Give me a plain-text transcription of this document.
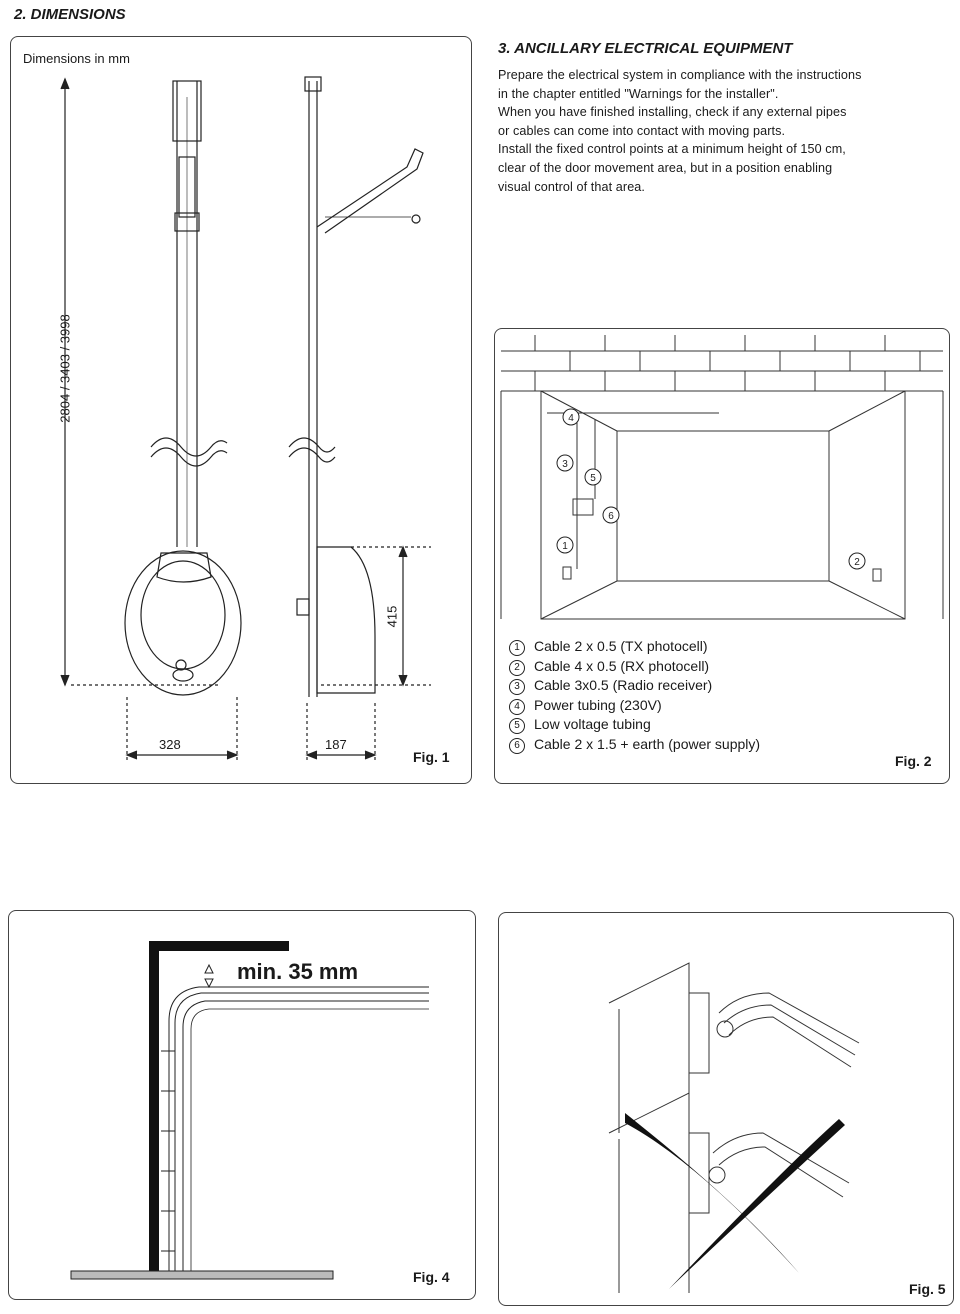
2. DIMENSIONS
Dimensions in mm
Fig. 1
2804 / 3403 / 3998
328	187
415
3. ANCILLARY ELECTRICAL EQUIPMENT
Prepare the electrical system in compliance with the instructions
in the chapter entitled "Warnings for the installer".
When you have finished installing, check if any external pipes
or cables can come into contact with moving parts.
Install the fixed control points at a minimum height of 150 cm,
clear of the door movement area, but in a position enabling
visual control of that area.
4
3
5
6
1
2
1 Cable 2 x 0.5 (TX photocell)
2 Cable 4 x 0.5 (RX photocell)
3 Cable 3x0.5 (Radio receiver)
4 Power tubing (230V)
5 Low voltage tubing
6 Cable 2 x 1.5 + earth (power supply)
Fig. 2
min. 35 mm
Fig. 4
Fig. 5
